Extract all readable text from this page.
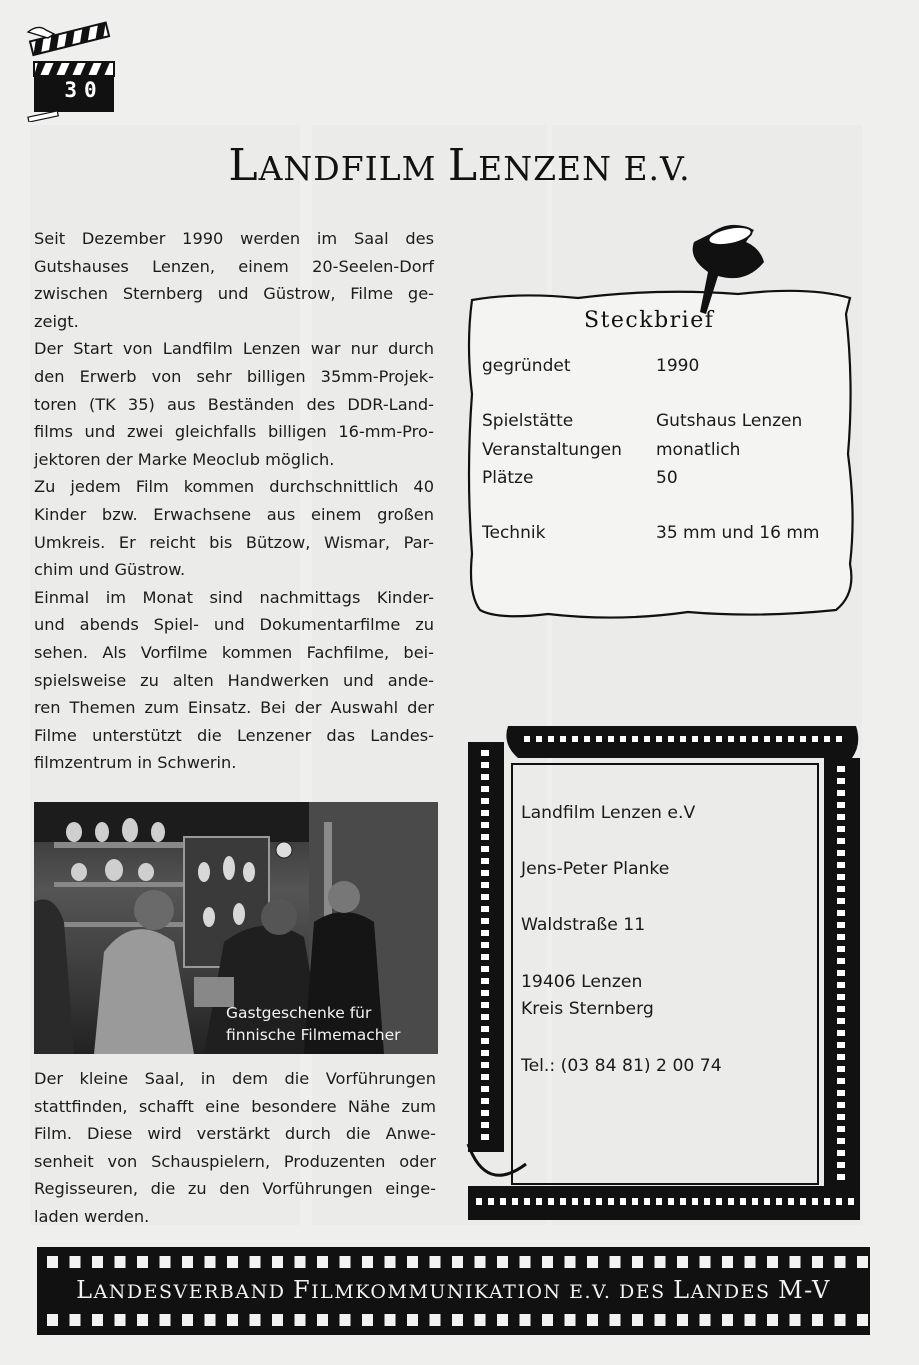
30
LANDFILM LENZEN E.V.

Seit Dezember 1990 werden im Saal des

Gutshauses Lenzen, einem 20-Seelen-Dorf

zwischen Sternberg und Güstrow, Filme ge-

zeigt.

Der Start von Landfilm Lenzen war nur durch

den Erwerb von sehr billigen 35mm-Projek-

toren (TK 35) aus Beständen des DDR-Land-

films und zwei gleichfalls billigen 16-mm-Pro-

jektoren der Marke Meoclub möglich.

Zu jedem Film kommen durchschnittlich 40

Kinder bzw. Erwachsene aus einem großen

Umkreis. Er reicht bis Bützow, Wismar, Par-

chim und Güstrow.

Einmal im Monat sind nachmittags Kinder-

und abends Spiel- und Dokumentarfilme zu

sehen. Als Vorfilme kommen Fachfilme, bei-

spielsweise zu alten Handwerken und ande-

ren Themen zum Einsatz. Bei der Auswahl der

Filme unterstützt die Lenzener das Landes-

filmzentrum in Schwerin.

Gastgeschenke für
finnische Filmemacher

Der kleine Saal, in dem die Vorführungen

stattfinden, schafft eine besondere Nähe zum

Film. Diese wird verstärkt durch die Anwe-

senheit von Schauspielern, Produzenten oder

Regisseuren, die zu den Vorführungen einge-

laden werden.

Steckbrief
gegründet	1990
Spielstätte	Gutshaus Lenzen
Veranstaltungen monatlich
Plätze	50
Technik	35 mm und 16 mm
Landfilm Lenzen e.V
Jens-Peter Planke
Waldstraße 11
19406 Lenzen
Kreis Sternberg
Tel.: (03 84 81) 2 00 74
LANDESVERBAND FILMKOMMUNIKATION E.V. DES LANDES M-V
